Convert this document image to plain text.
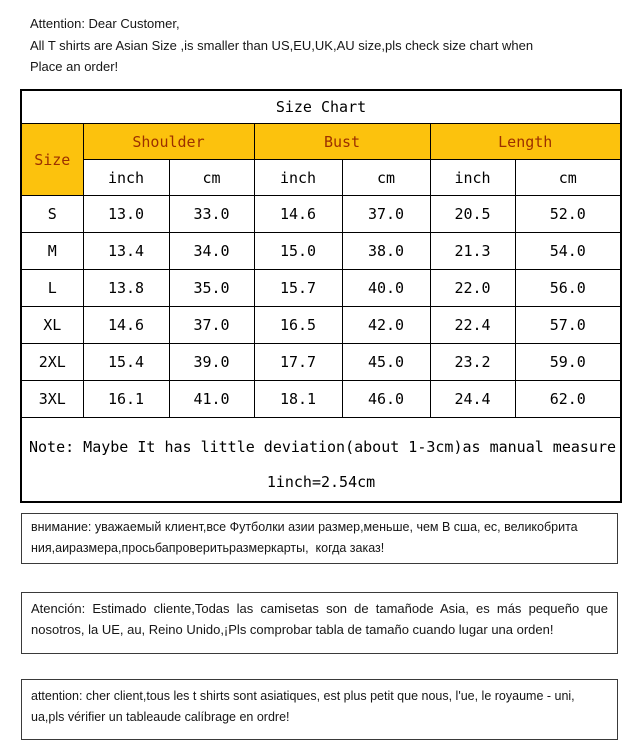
Attention: Dear Customer,
All T shirts are Asian Size ,is smaller than US,EU,UK,AU size,pls check size chart when
Place an order!
Size Chart						
Size	Shoulder		Bust		Length	
	inch	cm	inch	cm	inch	cm
S	13.0	33.0	14.6	37.0	20.5	52.0
M	13.4	34.0	15.0	38.0	21.3	54.0
L	13.8	35.0	15.7	40.0	22.0	56.0
XL	14.6	37.0	16.5	42.0	22.4	57.0
2XL	15.4	39.0	17.7	45.0	23.2	59.0
3XL	16.1	41.0	18.1	46.0	24.4	62.0

Note: Maybe It has little deviation(about 1-3cm)as manual measure
1inch=2.54cm						
внимание: уважаемый клиент,все Футболки азии размер,меньше, чем В сша, ес, великобрита
ния,аиразмера,просьбапроверитьразмеркарты,  когда заказ!
Atención: Estimado cliente,Todas las camisetas son de tamañode Asia, es más pequeño que
nosotros, la UE, au, Reino Unido,¡Pls comprobar tabla de tamaño cuando lugar una orden!
attention: cher client,tous les t shirts sont asiatiques, est plus petit que nous, l'ue, le royaume - uni,
ua,pls vérifier un tableaude calíbrage en ordre!
